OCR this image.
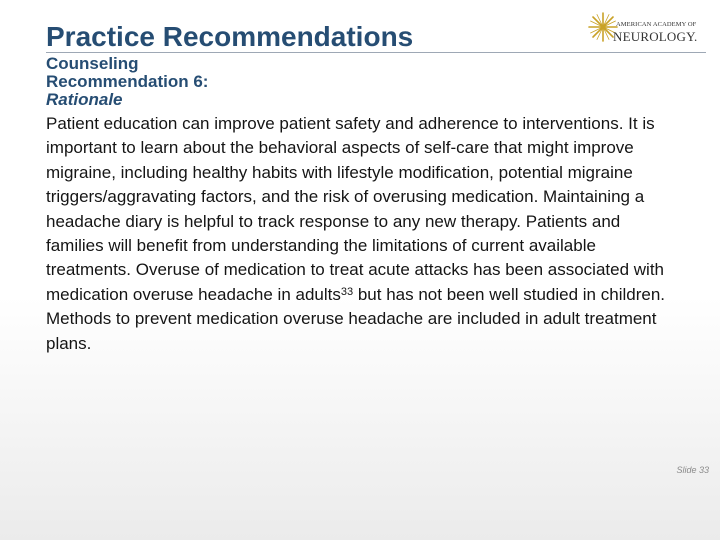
Practice Recommendations	AMERICAN ACADEMY OF
NEUROLOGY.

Counseling

Recommendation 6:

Rationale

Patient education can improve patient safety and adherence to interventions. It is important to learn about the behavioral aspects of self-care that might improve migraine, including healthy habits with lifestyle modification, potential migraine triggers/aggravating factors, and the risk of overusing medication. Maintaining a headache diary is helpful to track response to any new therapy. Patients and families will benefit from understanding the limitations of current available treatments. Overuse of medication to treat acute attacks has been associated with medication overuse headache in adults$^{33}$ but has not been well studied in children. Methods to prevent medication overuse headache are included in adult treatment plans.

Slide 33
